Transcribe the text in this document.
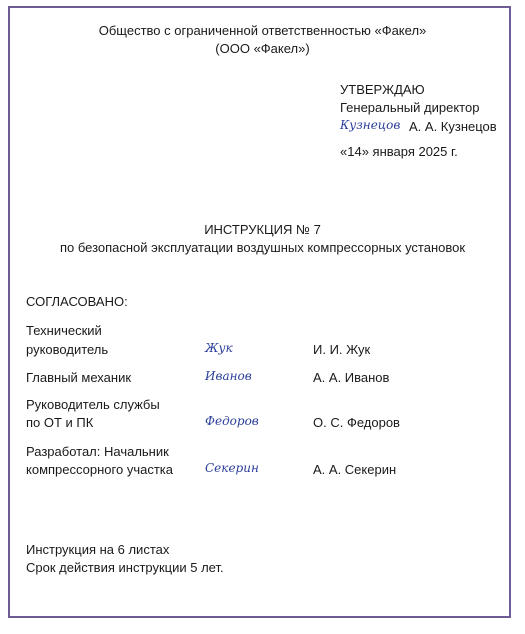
Общество с ограниченной ответственностью «Факел»
(ООО «Факел»)
УТВЕРЖДАЮ
Генеральный директор
Кузнецов А. А. Кузнецов
«14» января 2025 г.
ИНСТРУКЦИЯ № 7
по безопасной эксплуатации воздушных компрессорных установок
СОГЛАСОВАНО:
Технический
руководитель	Жук	И. И. Жук
Главный механик	Иванов	А. А. Иванов
Руководитель службы
по ОТ и ПК	Федоров	О. С. Федоров
Разработал: Начальник
компрессорного участка	Секерин	А. А. Секерин
Инструкция на 6 листах
Срок действия инструкции 5 лет.
